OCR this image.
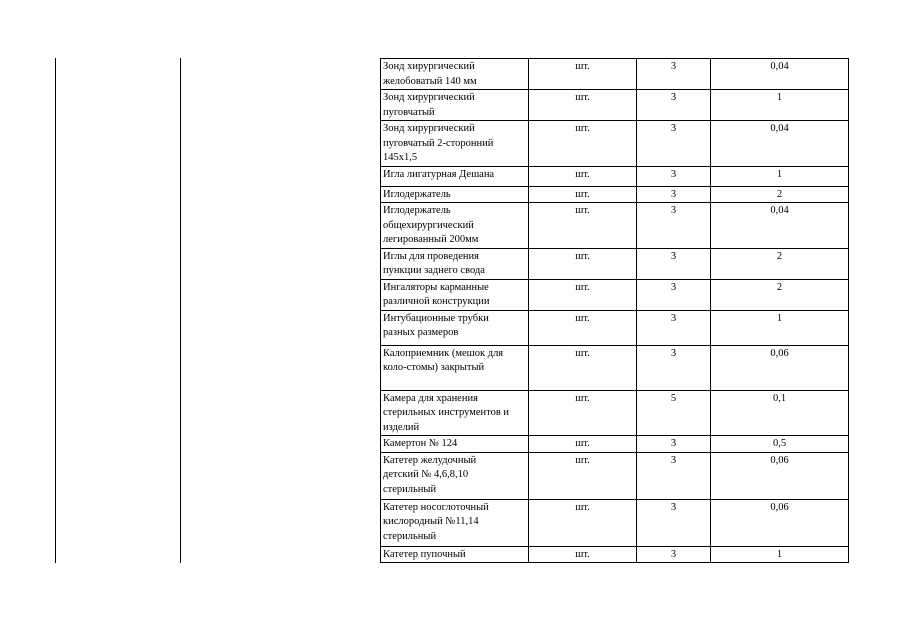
Зонд хирургический
желобоватый 140 мм	шт.	3	0,04
Зонд хирургический
пуговчатый	шт.	3	1
Зонд хирургический
пуговчатый 2-сторонний
145х1,5	шт.	3	0,04
Игла лигатурная Дешана	шт.	3	1
Иглодержатель	шт.	3	2
Иглодержатель
общехирургический
легированный 200мм	шт.	3	0,04
Иглы для проведения
пункции заднего свода	шт.	3	2
Ингаляторы карманные
различной конструкции	шт.	3	2
Интубационные трубки
разных размеров	шт.	3	1
Калоприемник (мешок для
коло-стомы) закрытый	шт.	3	0,06
Камера для хранения
стерильных инструментов и
изделий	шт.	5	0,1
Камертон № 124	шт.	3	0,5
Катетер желудочный
детский № 4,6,8,10
стерильный	шт.	3	0,06
Катетер носоглоточный
кислородный №11,14
стерильный	шт.	3	0,06
Катетер пупочный	шт.	3	1
